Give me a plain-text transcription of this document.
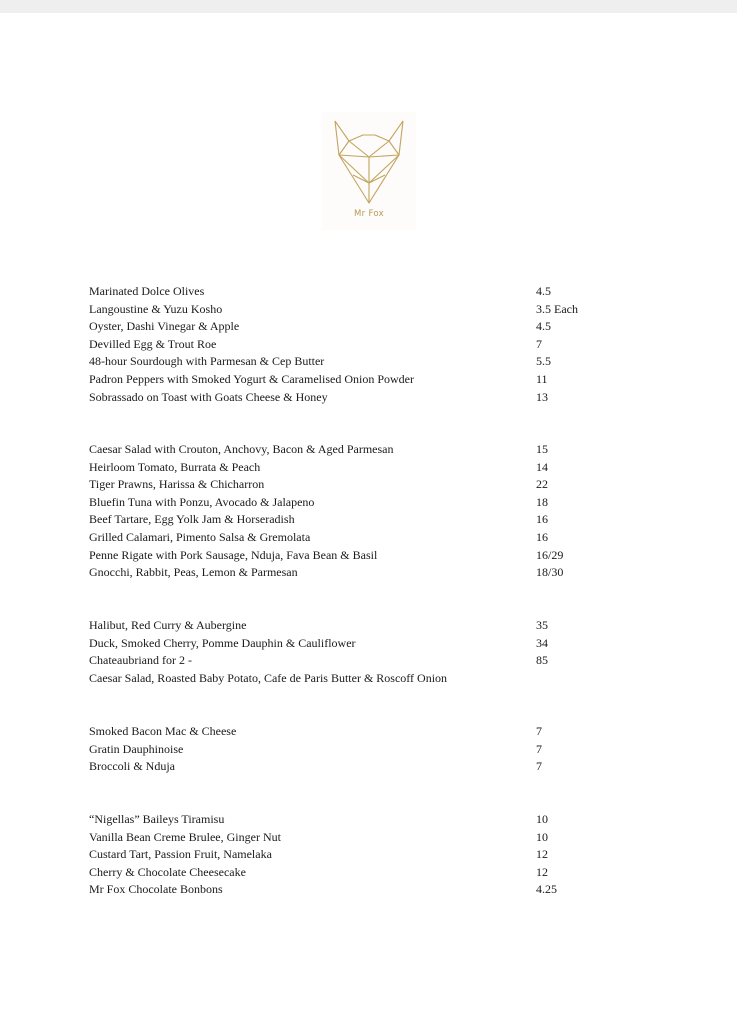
Mr Fox
Marinated Dolce Olives	4.5
Langoustine & Yuzu Kosho	3.5 Each
Oyster, Dashi Vinegar & Apple	4.5
Devilled Egg & Trout Roe	7
48-hour Sourdough with Parmesan & Cep Butter	5.5
Padron Peppers with Smoked Yogurt & Caramelised Onion Powder	11
Sobrassado on Toast with Goats Cheese & Honey	13
Caesar Salad with Crouton, Anchovy, Bacon & Aged Parmesan	15
Heirloom Tomato, Burrata & Peach	14
Tiger Prawns, Harissa & Chicharron	22
Bluefin Tuna with Ponzu, Avocado & Jalapeno	18
Beef Tartare, Egg Yolk Jam & Horseradish	16
Grilled Calamari, Pimento Salsa & Gremolata	16
Penne Rigate with Pork Sausage, Nduja, Fava Bean & Basil	16/29
Gnocchi, Rabbit, Peas, Lemon & Parmesan	18/30
Halibut, Red Curry & Aubergine	35
Duck, Smoked Cherry, Pomme Dauphin & Cauliflower	34
Chateaubriand for 2 -	85
Caesar Salad, Roasted Baby Potato, Cafe de Paris Butter & Roscoff Onion
Smoked Bacon Mac & Cheese	7
Gratin Dauphinoise	7
Broccoli & Nduja	7
“Nigellas” Baileys Tiramisu	10
Vanilla Bean Creme Brulee, Ginger Nut	10
Custard Tart, Passion Fruit, Namelaka	12
Cherry & Chocolate Cheesecake	12
Mr Fox Chocolate Bonbons	4.25
